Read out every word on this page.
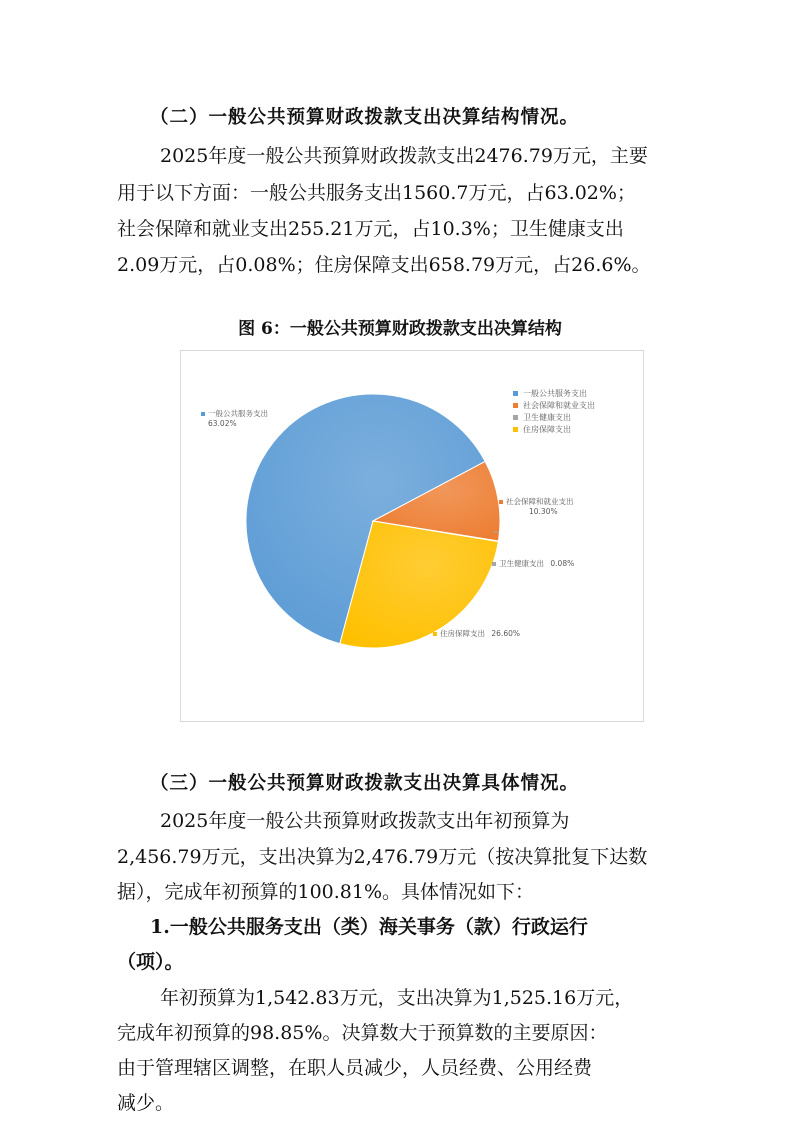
（二）一般公共预算财政拨款支出决算结构情况。
2025年度一般公共预算财政拨款支出2476.79万元，主要
用于以下方面：一般公共服务支出1560.7万元，占63.02%；
社会保障和就业支出255.21万元，占10.3%；卫生健康支出
2.09万元，占0.08%；住房保障支出658.79万元，占26.6%。
图 6：一般公共预算财政拨款支出决算结构
一般公共服务支出
社会保障和就业支出
卫生健康支出
住房保障支出
一般公共服务支出
63.02%
社会保障和就业支出
10.30%
卫生健康支出 0.08%
住房保障支出 26.60%
（三）一般公共预算财政拨款支出决算具体情况。
2025年度一般公共预算财政拨款支出年初预算为
2,456.79万元，支出决算为2,476.79万元（按决算批复下达数
据），完成年初预算的100.81%。具体情况如下：
1.一般公共服务支出（类）海关事务（款）行政运行
（项）。
年初预算为1,542.83万元，支出决算为1,525.16万元，
完成年初预算的98.85%。决算数大于预算数的主要原因：
由于管理辖区调整，在职人员减少，人员经费、公用经费
减少。
